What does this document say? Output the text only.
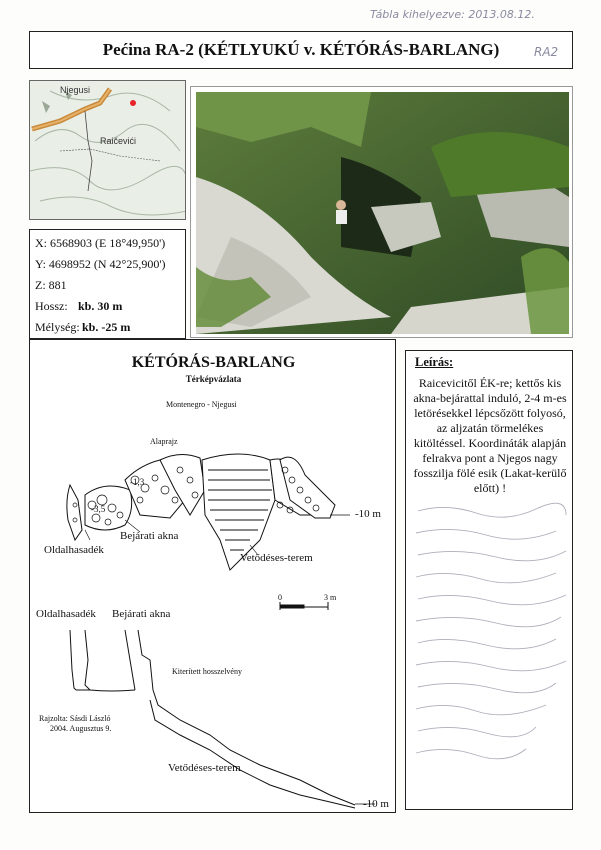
Tábla kihelyezve: 2013.08.12.
Pećina RA-2 (KÉTLYUKÚ v. KÉTÓRÁS-BARLANG)	RA2
Njegusi
Raičevići
X: 6568903 (E 18°49,950')
Y: 4698952 (N 42°25,900')
Z: 881
Hossz: kb. 30 m
Mélység: kb. -25 m
KÉTÓRÁS-BARLANG
Térképvázlata
Montenegro - Njegusi
Alaprajz
-1,3
-3,5	-10 m
Oldalhasadék
Bejárati akna
Vetődéses-terem
0	3 m
Oldalhasadék Bejárati akna
Kiterített hosszelvény
Rajzolta: Sásdi László
2004. Augusztus 9.
Vetődéses-terem
-10 m
Leírás:
Raicevicitől ÉK-re; kettős kis akna-bejárattal induló, 2-4 m-es letörésekkel lépcsőzött folyosó, az aljzatán törmelékes kitöltéssel. Koordináták alapján felrakva pont a Njegos nagy fosszilja fölé esik (Lakat-kerülő előtt) !
